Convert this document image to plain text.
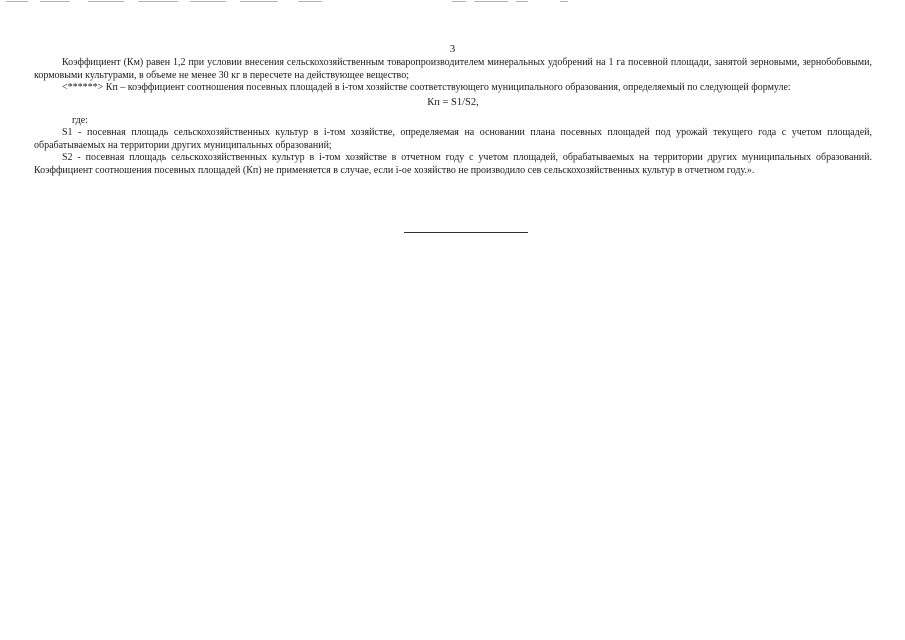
3

Коэффициент (Км) равен 1,2 при условии внесения сельскохозяйственным товаропроизводителем минеральных удобрений на 1 га посевной площади, занятой зерновыми, зернобобовыми, кормовыми культурами, в объеме не менее 30 кг в пересчете на действующее вещество;

<******> Кп – коэффициент соотношения посевных площадей в i-том хозяйстве соответствующего муниципального образования, определяемый по следующей формуле:

Кп = S1/S2,

где:

S1 - посевная площадь сельскохозяйственных культур в i-том хозяйстве, определяемая на основании плана посевных площадей под урожай текущего года с учетом площадей, обрабатываемых на территории других муниципальных образований;

S2 - посевная площадь сельскохозяйственных культур в i-том хозяйстве в отчетном году с учетом площадей, обрабатываемых на территории других муниципальных образований. Коэффициент соотношения посевных площадей (Кп) не применяется в случае, если i-ое хозяйство не производило сев сельскохозяйственных культур в отчетном году.».
